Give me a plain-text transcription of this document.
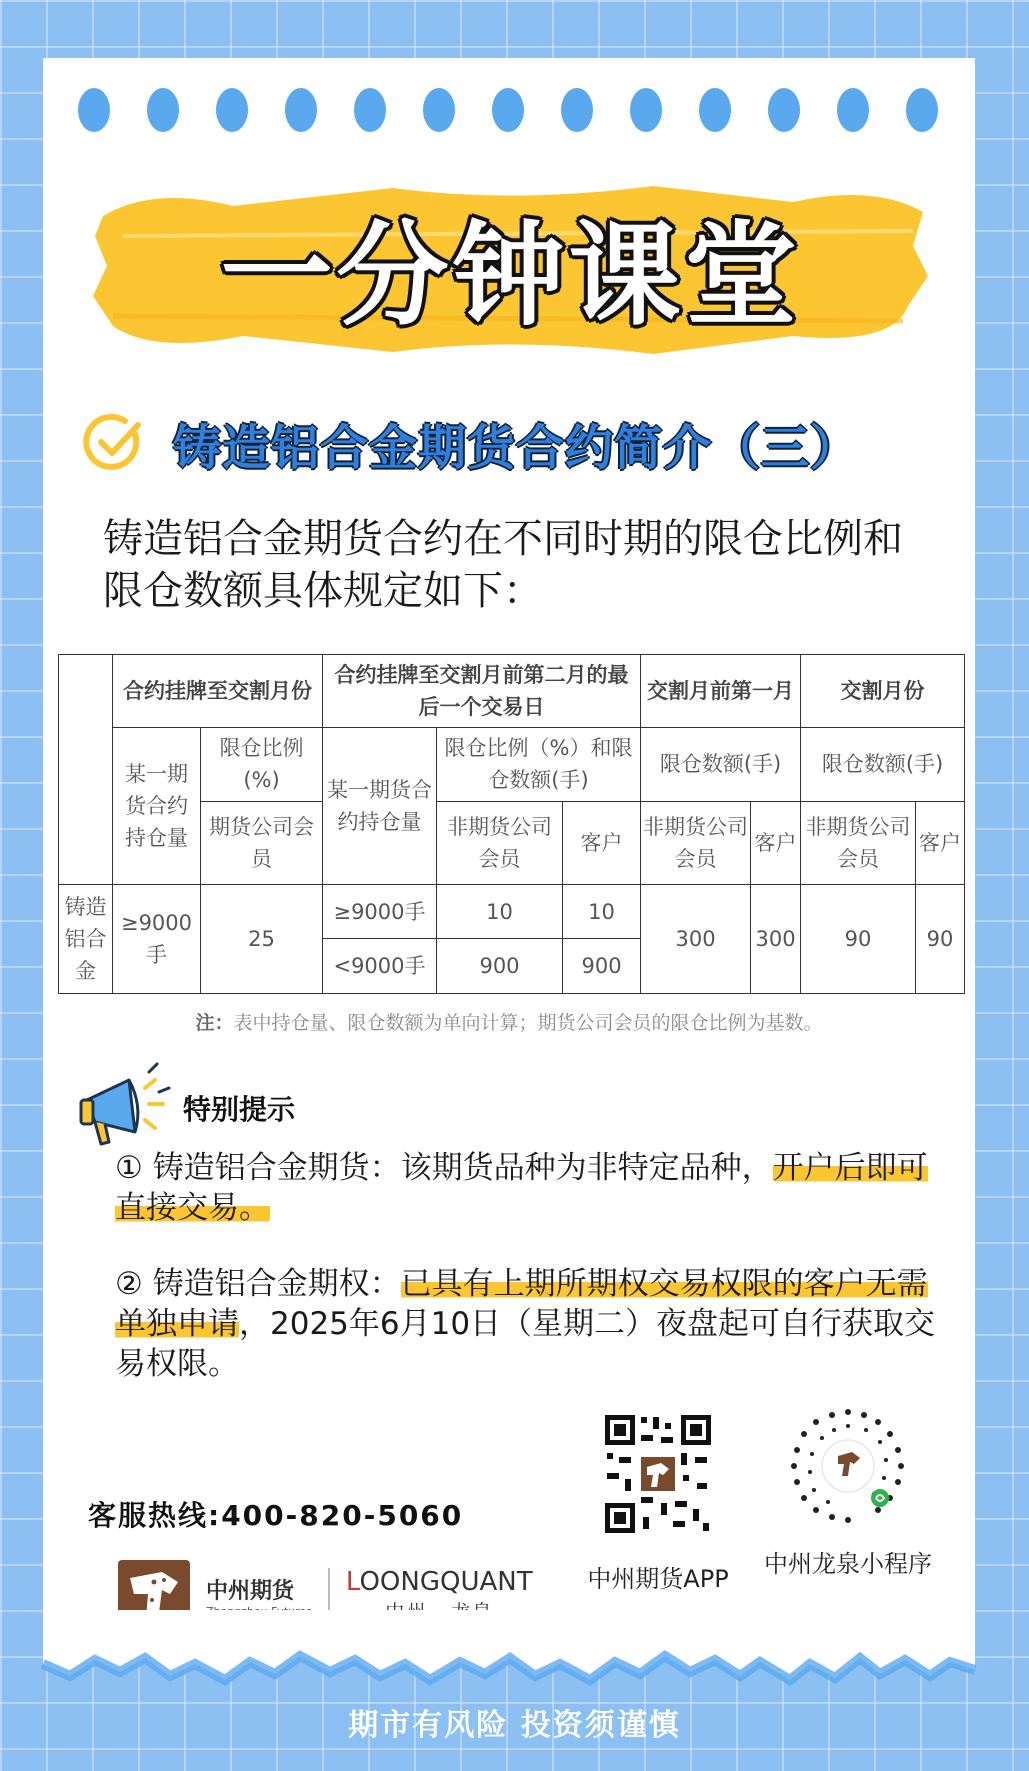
一分钟课堂
铸造铝合金期货合约简介（三）
铸造铝合金期货合约在不同时期的限仓比例和限仓数额具体规定如下：
	合约挂牌至交割月份		合约挂牌至交割月前第二月的最后一个交易日			交割月前第一月		交割月份	
	某一期货合约持仓量	限仓比例(%)	某一期货合约持仓量	限仓比例（%）和限仓数额(手)		限仓数额(手)		限仓数额(手)	
		期货公司会员		非期货公司会员	客户	非期货公司会员	客户	非期货公司会员	客户
铸造铝合金	≥9000手	25	≥9000手	10	10	300	300	90	90
			<9000手	900	900				
注：表中持仓量、限仓数额为单向计算；期货公司会员的限仓比例为基数。
特别提示
① 铸造铝合金期货：该期货品种为非特定品种，开户后即可直接交易。
② 铸造铝合金期权：已具有上期所期权交易权限的客户无需单独申请，2025年6月10日（星期二）夜盘起可自行获取交易权限。
客服热线:400-820-5060
中州期货	LOONGQUANT	中州期货APP
中州龙泉小程序
期市有风险 投资须谨慎
